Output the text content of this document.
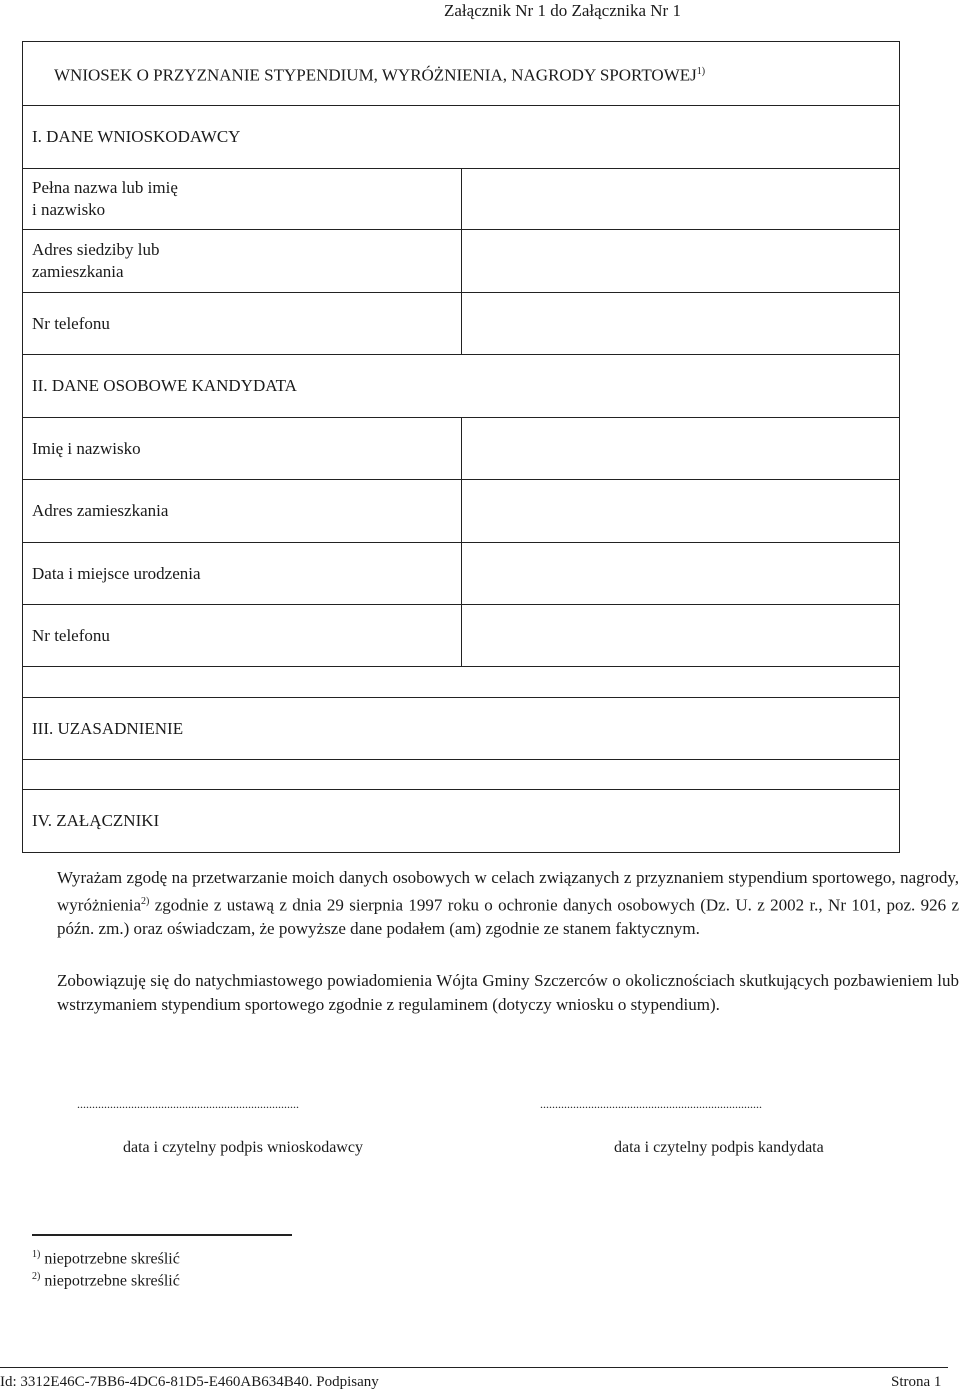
Załącznik Nr 1 do Załącznika Nr 1
WNIOSEK O PRZYZNANIE STYPENDIUM, WYRÓŻNIENIA, NAGRODY SPORTOWEJ$^{1)}$
I. DANE WNIOSKODAWCY	

Pełna nazwa lub imię
i nazwisko	

Adres siedziby lub
zamieszkania	

Nr telefonu	
II. DANE OSOBOWE KANDYDATA	
Imię i nazwisko	
Adres zamieszkania	
Data i miejsce urodzenia	
Nr telefonu	

III. UZASADNIENIE	

IV. ZAŁĄCZNIKI	
Wyrażam zgodę na przetwarzanie moich danych osobowych w celach związanych z przyznaniem stypendium sportowego, nagrody, wyróżnienia$^{2)}$ zgodnie z ustawą z dnia 29 sierpnia 1997 roku o ochronie danych osobowych (Dz. U. z 2002 r., Nr 101, poz. 926 z późn. zm.) oraz oświadczam, że powyższe dane podałem (am) zgodnie ze stanem faktycznym.
Zobowiązuję się do natychmiastowego powiadomienia Wójta Gminy Szczerców o okolicznościach skutkujących pozbawieniem lub wstrzymaniem stypendium sportowego zgodnie z regulaminem (dotyczy wniosku o stypendium).
..........................................................................	..........................................................................
data i czytelny podpis wnioskodawcy	data i czytelny podpis kandydata
$^{1)}$ niepotrzebne skreślić
$^{2)}$ niepotrzebne skreślić
Id: 3312E46C-7BB6-4DC6-81D5-E460AB634B40. Podpisany	Strona 1
